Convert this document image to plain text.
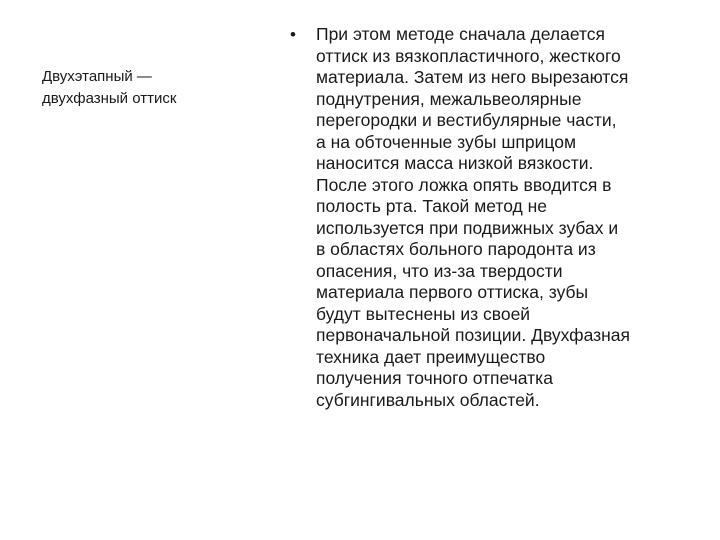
Двухэтапный —
двухфазный оттиск
• При этом методе сначала делается
оттиск из вязкопластичного, жесткого
материала. Затем из него вырезаются
поднутрения, межальвеолярные
перегородки и вестибулярные части,
а на обточенные зубы шприцом
наносится масса низкой вязкости.
После этого ложка опять вводится в
полость рта. Такой метод не
используется при подвижных зубах и
в областях больного пародонта из
опасения, что из-за твердости
материала первого оттиска, зубы
будут вытеснены из своей
первоначальной позиции. Двухфазная
техника дает преимущество
получения точного отпечатка
субгингивальных областей.
